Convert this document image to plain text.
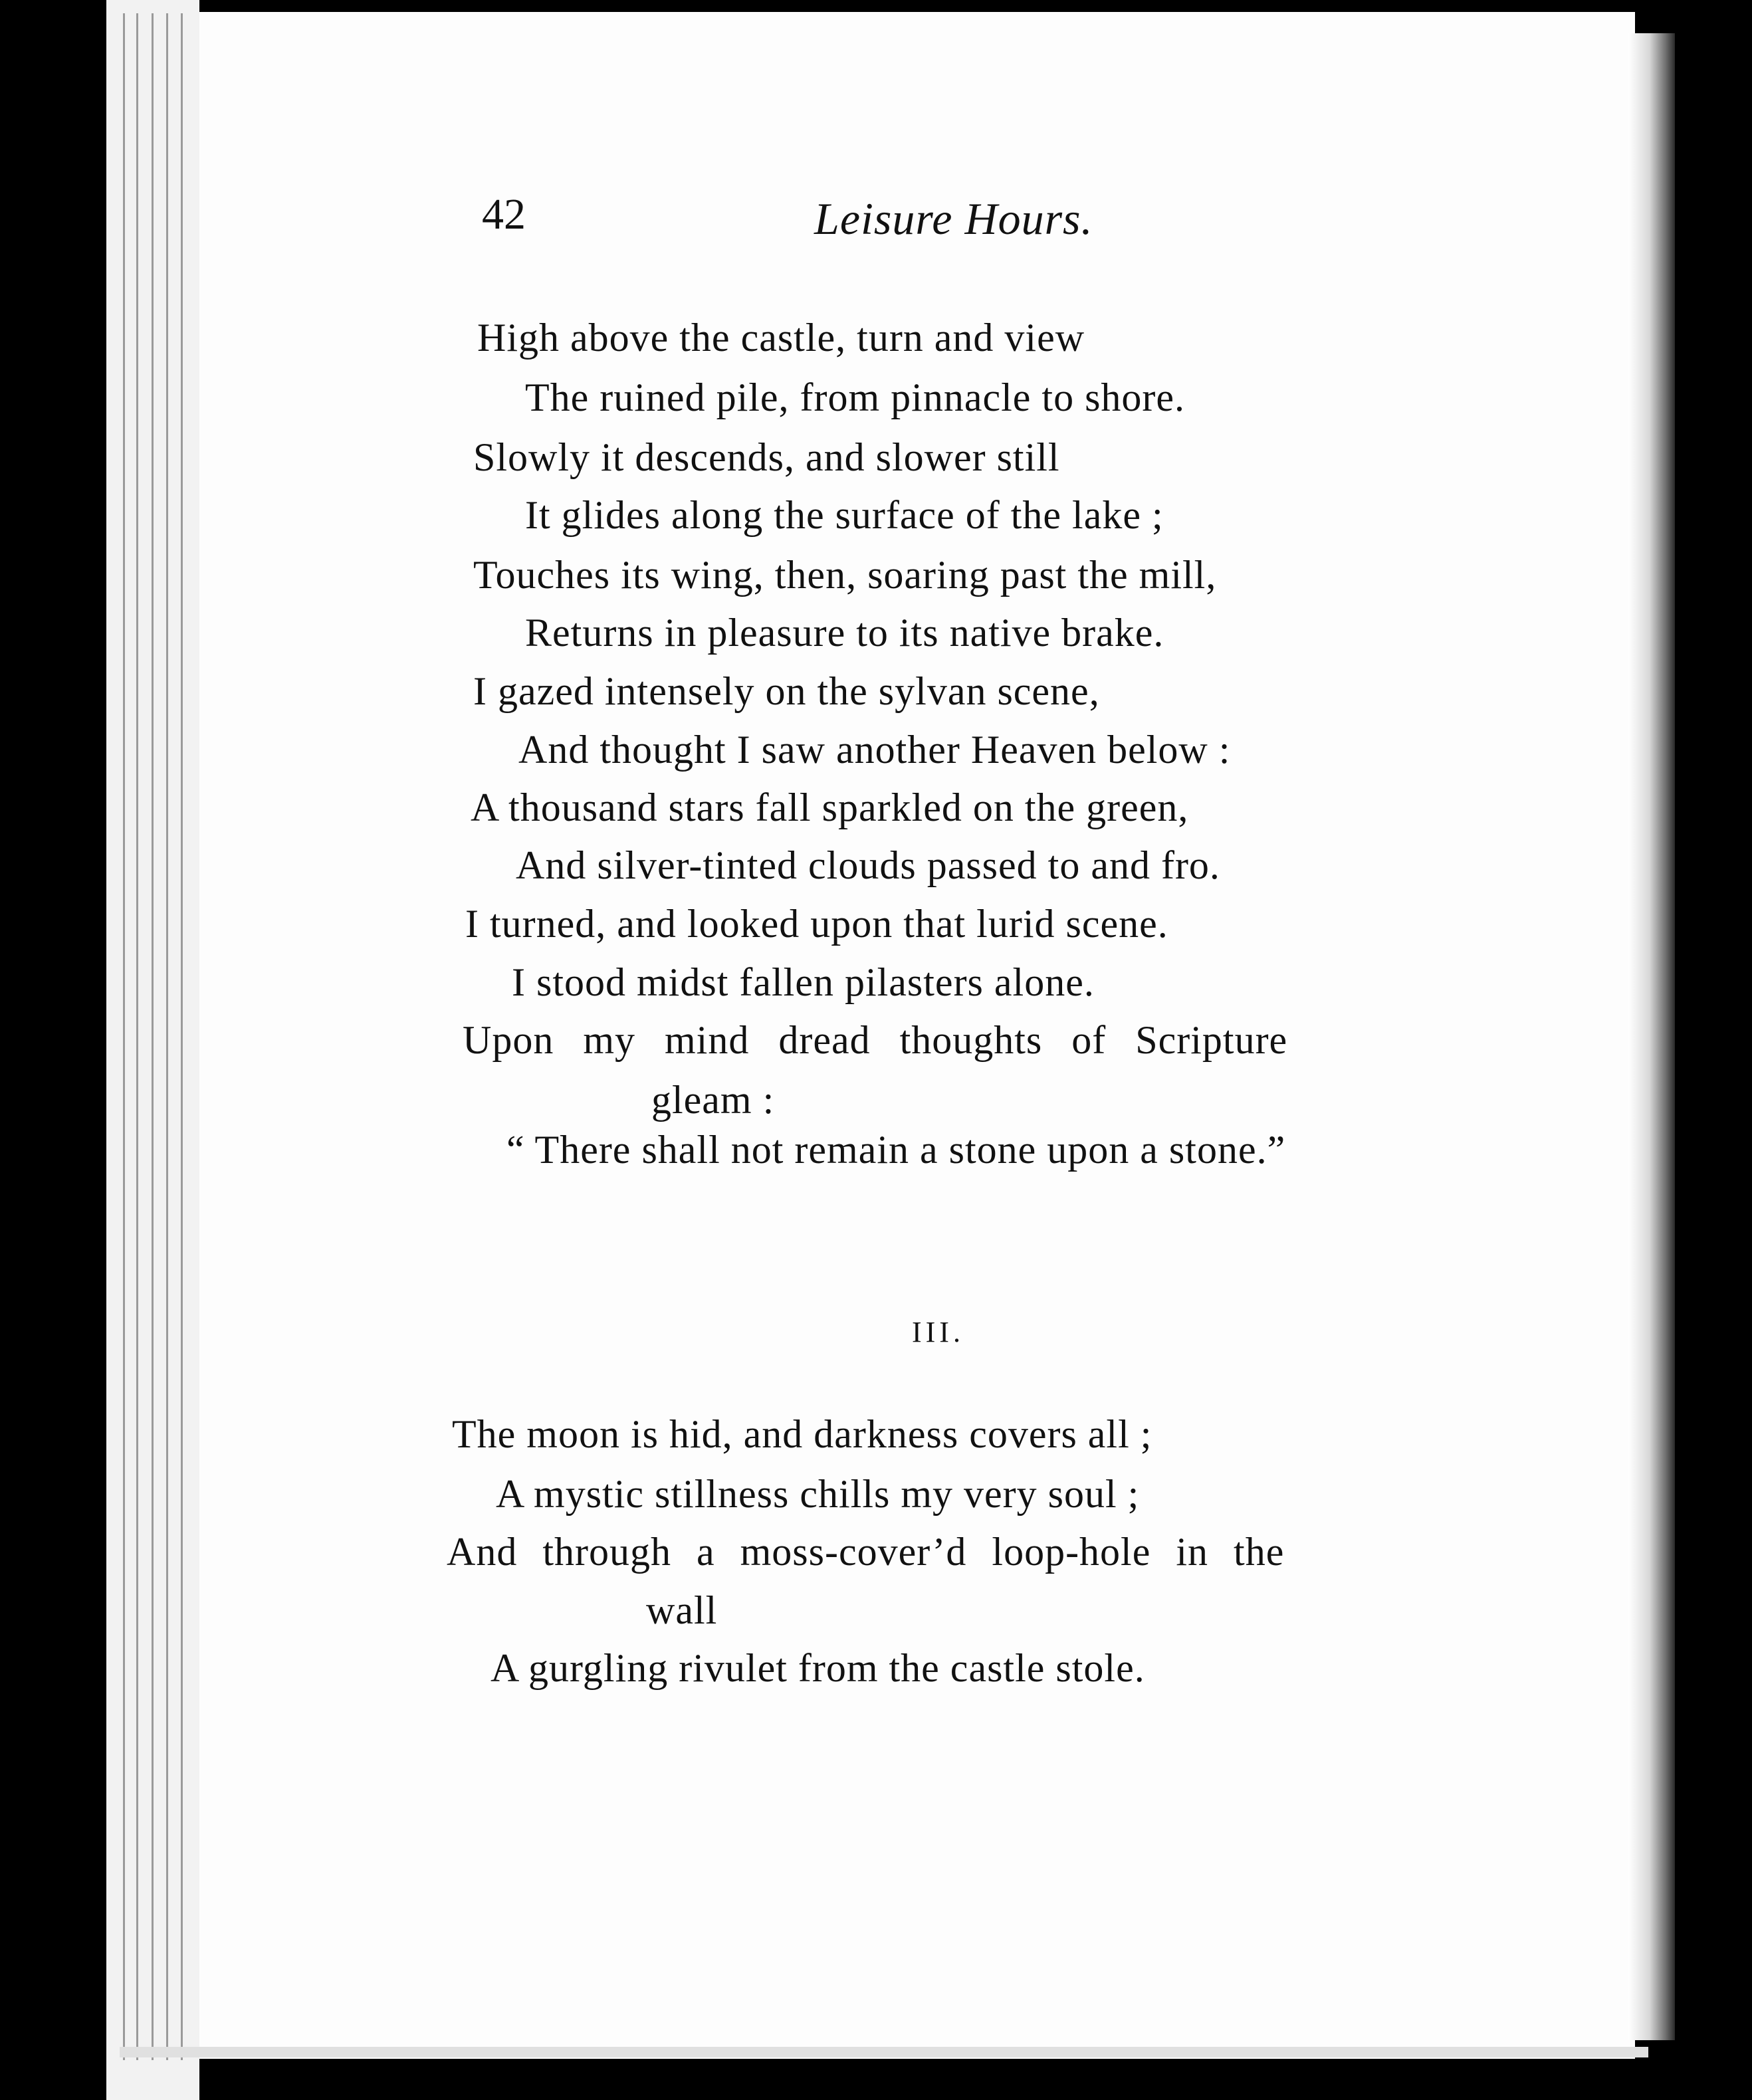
42	Leisure Hours.
High above the castle, turn and view
The ruined pile, from pinnacle to shore.
Slowly it descends, and slower still
It glides along the surface of the lake ;
Touches its wing, then, soaring past the mill,
Returns in pleasure to its native brake.
I gazed intensely on the sylvan scene,
And thought I saw another Heaven below :
A thousand stars fall sparkled on the green,
And silver-tinted clouds passed to and fro.
I turned, and looked upon that lurid scene.
I stood midst fallen pilasters alone.
Upon my mind dread thoughts of Scripture
gleam :
“ There shall not remain a stone upon a stone.”
III.
The moon is hid, and darkness covers all ;
A mystic stillness chills my very soul ;
And through a moss-cover’d loop-hole in the
wall
A gurgling rivulet from the castle stole.
